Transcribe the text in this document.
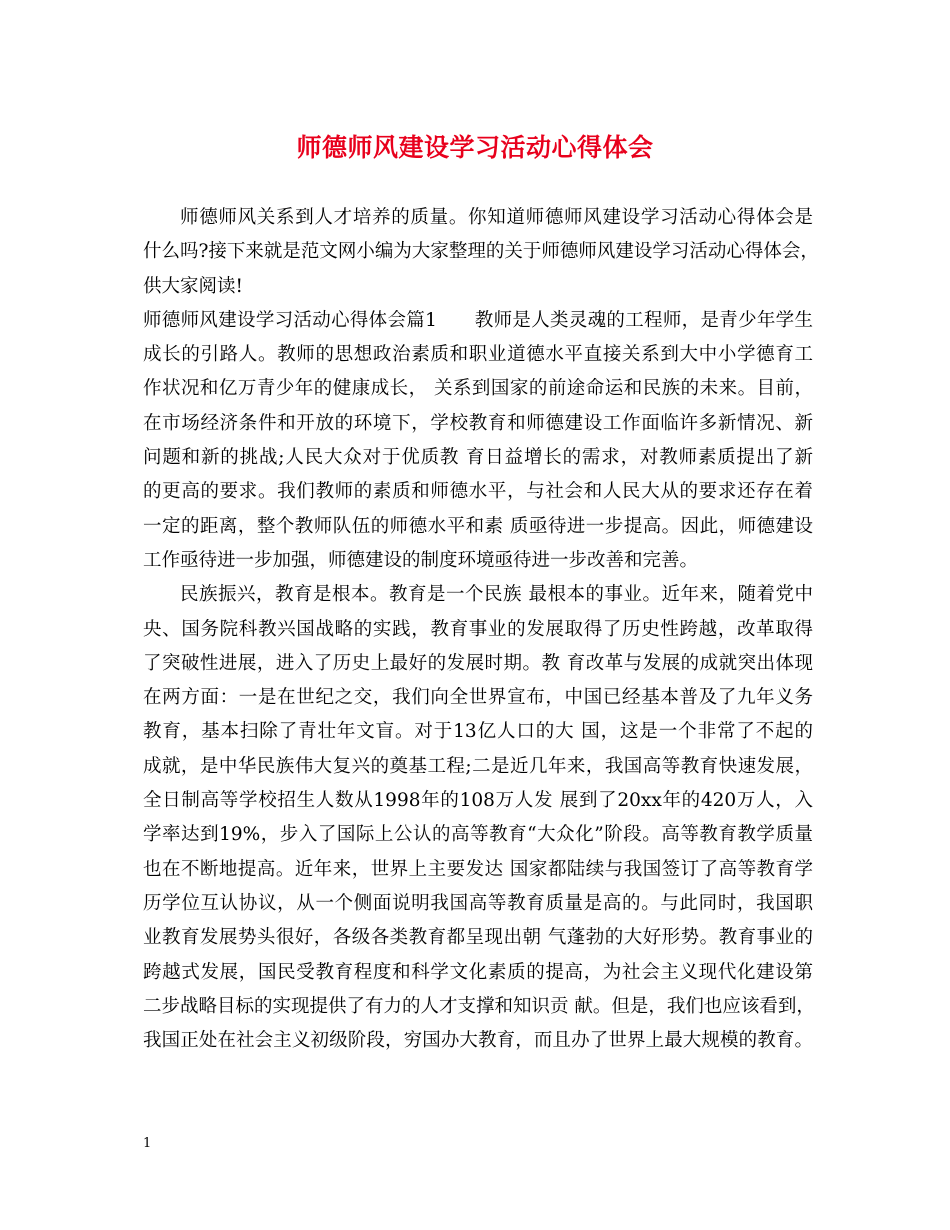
师德师风建设学习活动心得体会
师德师风关系到人才培养的质量。你知道师德师风建设学习活动心得体会是
什么吗?接下来就是范文网小编为大家整理的关于师德师风建设学习活动心得体会，
供大家阅读!
师德师风建设学习活动心得体会篇1　　教师是人类灵魂的工程师，是青少年学生
成长的引路人。教师的思想政治素质和职业道德水平直接关系到大中小学德育工
作状况和亿万青少年的健康成长， 关系到国家的前途命运和民族的未来。目前，
在市场经济条件和开放的环境下，学校教育和师德建设工作面临许多新情况、新
问题和新的挑战;人民大众对于优质教 育日益增长的需求，对教师素质提出了新
的更高的要求。我们教师的素质和师德水平，与社会和人民大从的要求还存在着
一定的距离，整个教师队伍的师德水平和素 质亟待进一步提高。因此，师德建设
工作亟待进一步加强，师德建设的制度环境亟待进一步改善和完善。
民族振兴，教育是根本。教育是一个民族 最根本的事业。近年来，随着党中
央、国务院科教兴国战略的实践，教育事业的发展取得了历史性跨越，改革取得
了突破性进展，进入了历史上最好的发展时期。教 育改革与发展的成就突出体现
在两方面：一是在世纪之交，我们向全世界宣布，中国已经基本普及了九年义务
教育，基本扫除了青壮年文盲。对于13亿人口的大 国，这是一个非常了不起的
成就，是中华民族伟大复兴的奠基工程;二是近几年来，我国高等教育快速发展，
全日制高等学校招生人数从1998年的108万人发 展到了20xx年的420万人，入
学率达到19%，步入了国际上公认的高等教育“大众化”阶段。高等教育教学质量
也在不断地提高。近年来，世界上主要发达 国家都陆续与我国签订了高等教育学
历学位互认协议，从一个侧面说明我国高等教育质量是高的。与此同时，我国职
业教育发展势头很好，各级各类教育都呈现出朝 气蓬勃的大好形势。教育事业的
跨越式发展，国民受教育程度和科学文化素质的提高，为社会主义现代化建设第
二步战略目标的实现提供了有力的人才支撑和知识贡 献。但是，我们也应该看到，
我国正处在社会主义初级阶段，穷国办大教育，而且办了世界上最大规模的教育。
1
